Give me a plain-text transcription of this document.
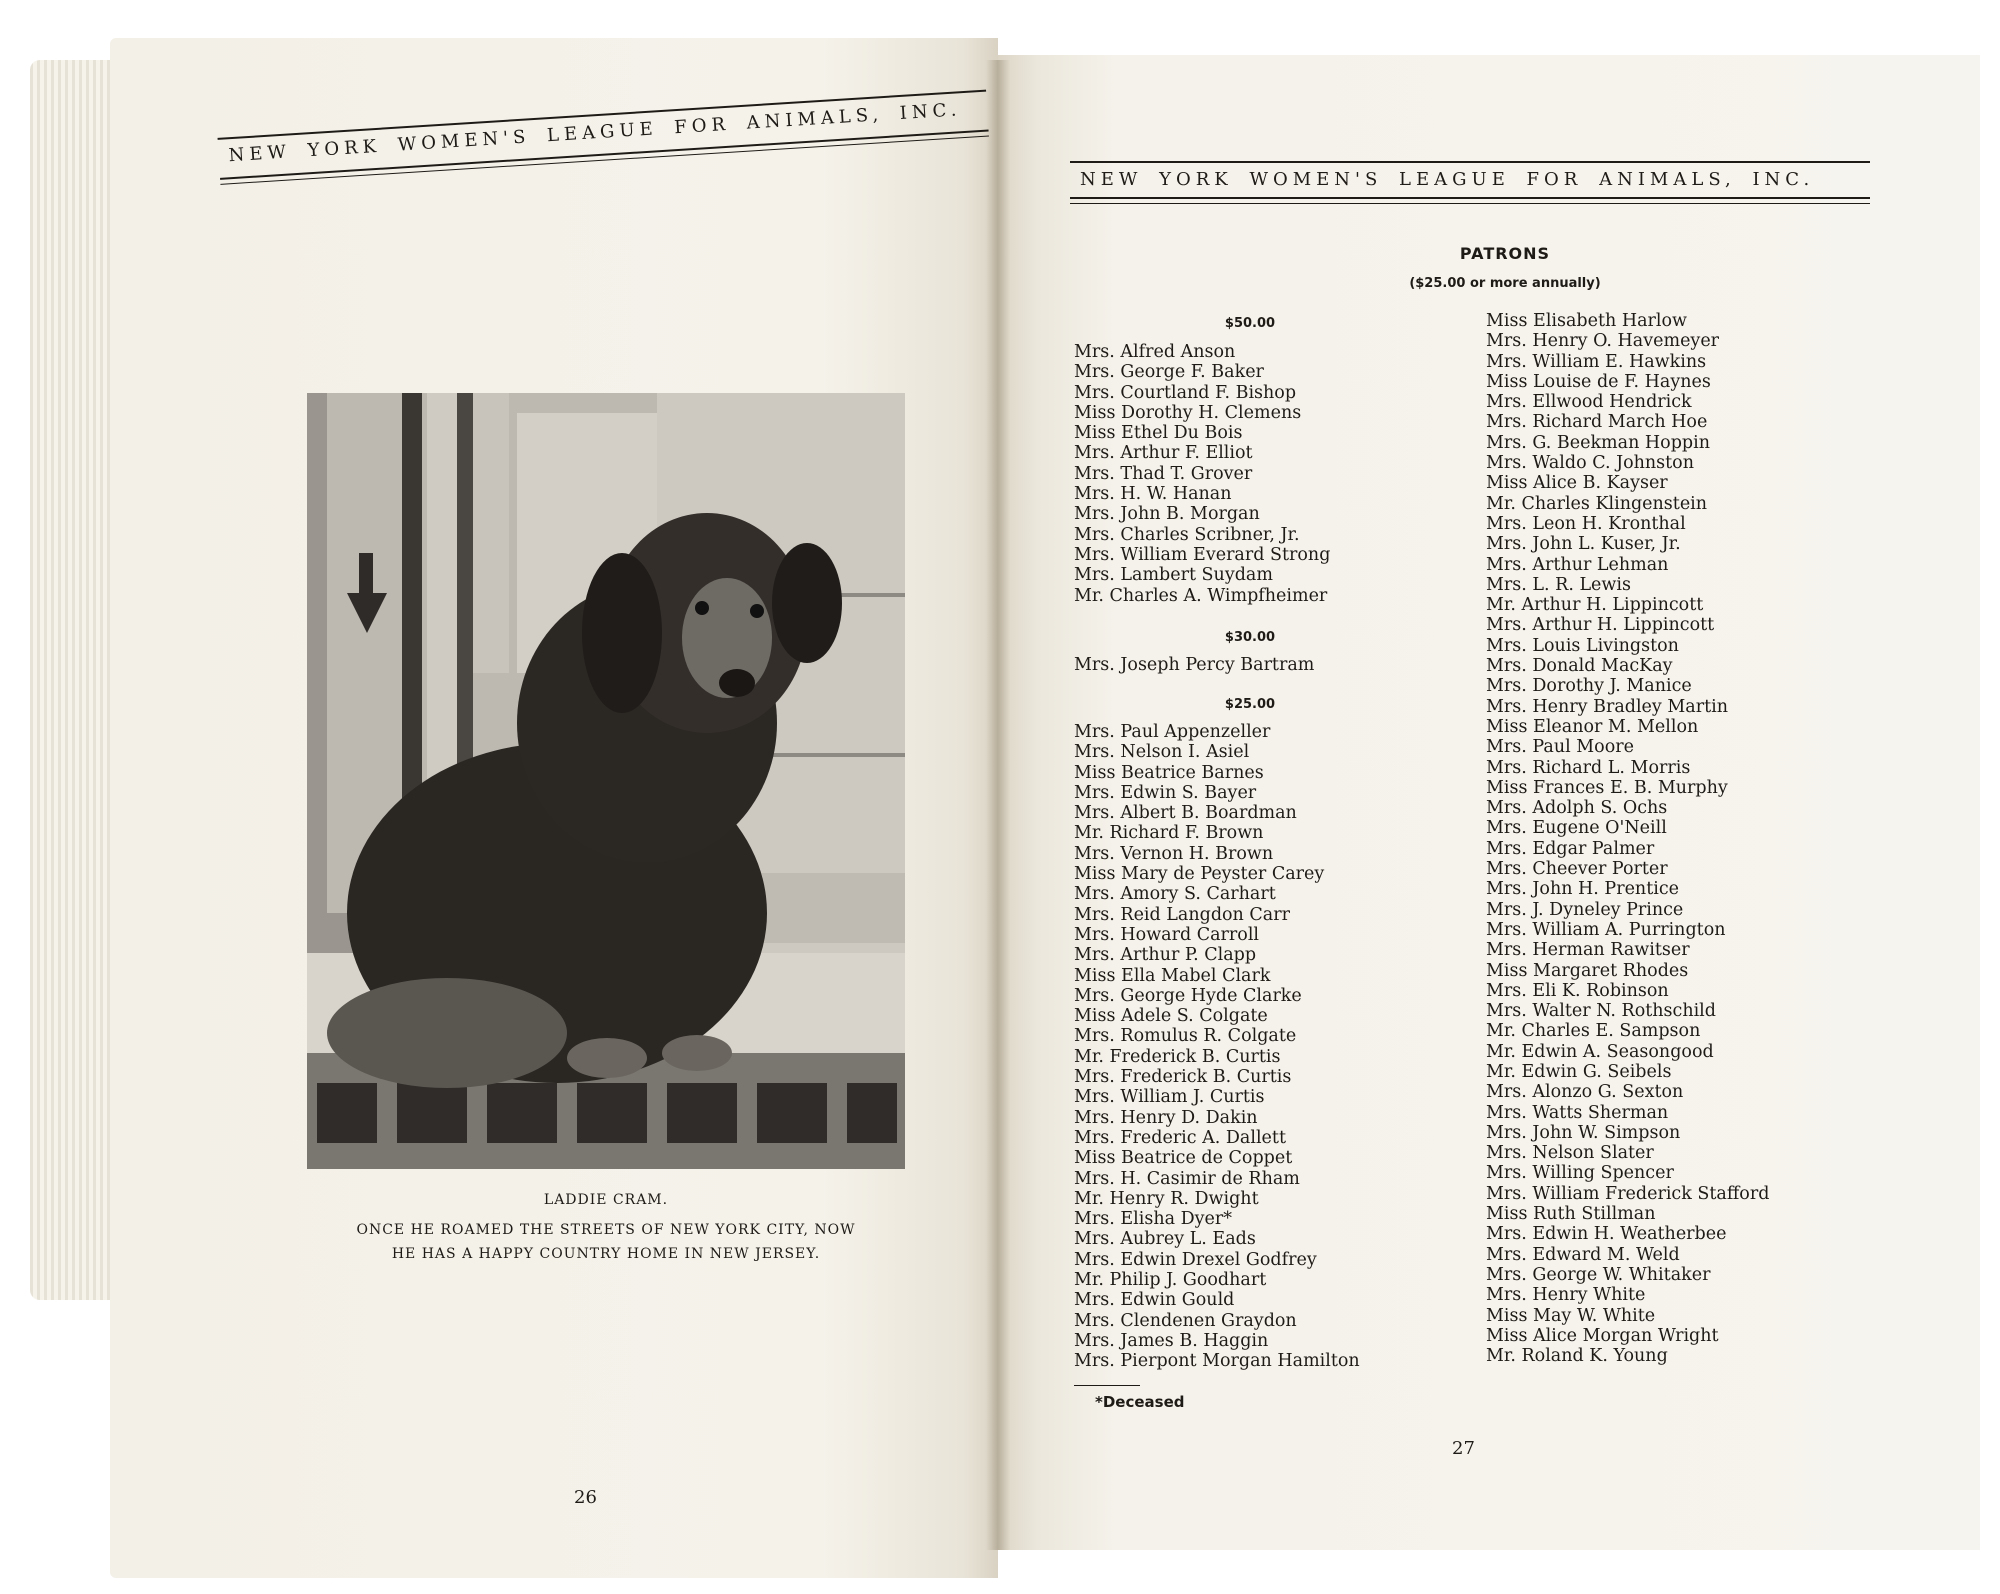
NEW YORK WOMEN'S LEAGUE FOR ANIMALS, INC.
NEW YORK WOMEN'S LEAGUE FOR ANIMALS, INC.
LADDIE CRAM.
ONCE HE ROAMED THE STREETS OF NEW YORK CITY, NOW
HE HAS A HAPPY COUNTRY HOME IN NEW JERSEY.
26
PATRONS
($25.00 or more annually)
$50.00
Mrs. Alfred Anson
Mrs. George F. Baker
Mrs. Courtland F. Bishop
Miss Dorothy H. Clemens
Miss Ethel Du Bois
Mrs. Arthur F. Elliot
Mrs. Thad T. Grover
Mrs. H. W. Hanan
Mrs. John B. Morgan
Mrs. Charles Scribner, Jr.
Mrs. William Everard Strong
Mrs. Lambert Suydam
Mr. Charles A. Wimpfheimer
$30.00
Mrs. Joseph Percy Bartram
$25.00
Mrs. Paul Appenzeller
Mrs. Nelson I. Asiel
Miss Beatrice Barnes
Mrs. Edwin S. Bayer
Mrs. Albert B. Boardman
Mr. Richard F. Brown
Mrs. Vernon H. Brown
Miss Mary de Peyster Carey
Mrs. Amory S. Carhart
Mrs. Reid Langdon Carr
Mrs. Howard Carroll
Mrs. Arthur P. Clapp
Miss Ella Mabel Clark
Mrs. George Hyde Clarke
Miss Adele S. Colgate
Mrs. Romulus R. Colgate
Mr. Frederick B. Curtis
Mrs. Frederick B. Curtis
Mrs. William J. Curtis
Mrs. Henry D. Dakin
Mrs. Frederic A. Dallett
Miss Beatrice de Coppet
Mrs. H. Casimir de Rham
Mr. Henry R. Dwight
Mrs. Elisha Dyer*
Mrs. Aubrey L. Eads
Mrs. Edwin Drexel Godfrey
Mr. Philip J. Goodhart
Mrs. Edwin Gould
Mrs. Clendenen Graydon
Mrs. James B. Haggin
Mrs. Pierpont Morgan Hamilton
Miss Elisabeth Harlow
Mrs. Henry O. Havemeyer
Mrs. William E. Hawkins
Miss Louise de F. Haynes
Mrs. Ellwood Hendrick
Mrs. Richard March Hoe
Mrs. G. Beekman Hoppin
Mrs. Waldo C. Johnston
Miss Alice B. Kayser
Mr. Charles Klingenstein
Mrs. Leon H. Kronthal
Mrs. John L. Kuser, Jr.
Mrs. Arthur Lehman
Mrs. L. R. Lewis
Mr. Arthur H. Lippincott
Mrs. Arthur H. Lippincott
Mrs. Louis Livingston
Mrs. Donald MacKay
Mrs. Dorothy J. Manice
Mrs. Henry Bradley Martin
Miss Eleanor M. Mellon
Mrs. Paul Moore
Mrs. Richard L. Morris
Miss Frances E. B. Murphy
Mrs. Adolph S. Ochs
Mrs. Eugene O'Neill
Mrs. Edgar Palmer
Mrs. Cheever Porter
Mrs. John H. Prentice
Mrs. J. Dyneley Prince
Mrs. William A. Purrington
Mrs. Herman Rawitser
Miss Margaret Rhodes
Mrs. Eli K. Robinson
Mrs. Walter N. Rothschild
Mr. Charles E. Sampson
Mr. Edwin A. Seasongood
Mr. Edwin G. Seibels
Mrs. Alonzo G. Sexton
Mrs. Watts Sherman
Mrs. John W. Simpson
Mrs. Nelson Slater
Mrs. Willing Spencer
Mrs. William Frederick Stafford
Miss Ruth Stillman
Mrs. Edwin H. Weatherbee
Mrs. Edward M. Weld
Mrs. George W. Whitaker
Mrs. Henry White
Miss May W. White
Miss Alice Morgan Wright
Mr. Roland K. Young
*Deceased
27
